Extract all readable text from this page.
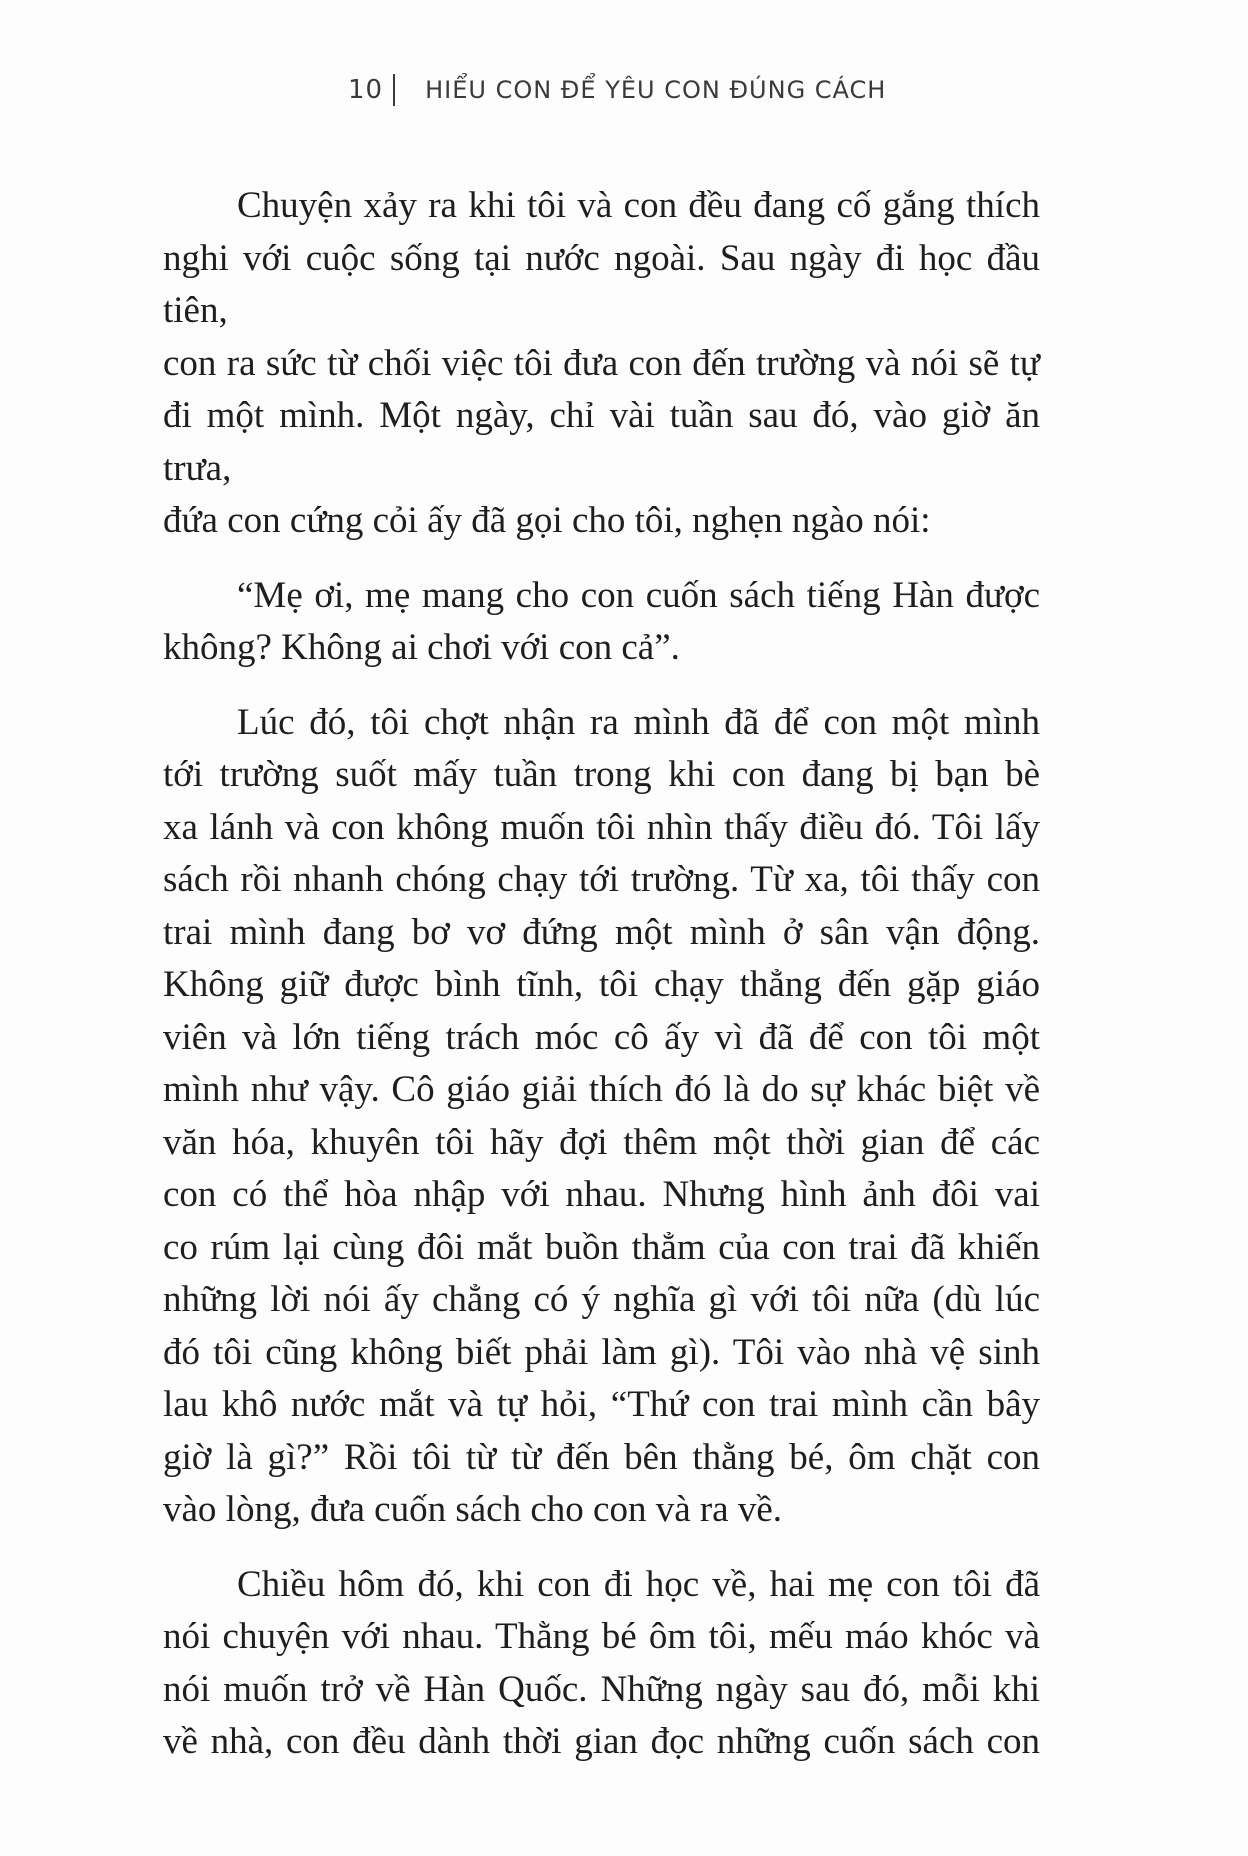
10 HIỂU CON ĐỂ YÊU CON ĐÚNG CÁCH

Chuyện xảy ra khi tôi và con đều đang cố gắng thích
nghi với cuộc sống tại nước ngoài. Sau ngày đi học đầu tiên,
con ra sức từ chối việc tôi đưa con đến trường và nói sẽ tự
đi một mình. Một ngày, chỉ vài tuần sau đó, vào giờ ăn trưa,
đứa con cứng cỏi ấy đã gọi cho tôi, nghẹn ngào nói:

“Mẹ ơi, mẹ mang cho con cuốn sách tiếng Hàn được
không? Không ai chơi với con cả”.

Lúc đó, tôi chợt nhận ra mình đã để con một mình
tới trường suốt mấy tuần trong khi con đang bị bạn bè
xa lánh và con không muốn tôi nhìn thấy điều đó. Tôi lấy
sách rồi nhanh chóng chạy tới trường. Từ xa, tôi thấy con
trai mình đang bơ vơ đứng một mình ở sân vận động.
Không giữ được bình tĩnh, tôi chạy thẳng đến gặp giáo
viên và lớn tiếng trách móc cô ấy vì đã để con tôi một
mình như vậy. Cô giáo giải thích đó là do sự khác biệt về
văn hóa, khuyên tôi hãy đợi thêm một thời gian để các
con có thể hòa nhập với nhau. Nhưng hình ảnh đôi vai
co rúm lại cùng đôi mắt buồn thẳm của con trai đã khiến
những lời nói ấy chẳng có ý nghĩa gì với tôi nữa (dù lúc
đó tôi cũng không biết phải làm gì). Tôi vào nhà vệ sinh
lau khô nước mắt và tự hỏi, “Thứ con trai mình cần bây
giờ là gì?” Rồi tôi từ từ đến bên thằng bé, ôm chặt con
vào lòng, đưa cuốn sách cho con và ra về.

Chiều hôm đó, khi con đi học về, hai mẹ con tôi đã
nói chuyện với nhau. Thằng bé ôm tôi, mếu máo khóc và
nói muốn trở về Hàn Quốc. Những ngày sau đó, mỗi khi
về nhà, con đều dành thời gian đọc những cuốn sách con
